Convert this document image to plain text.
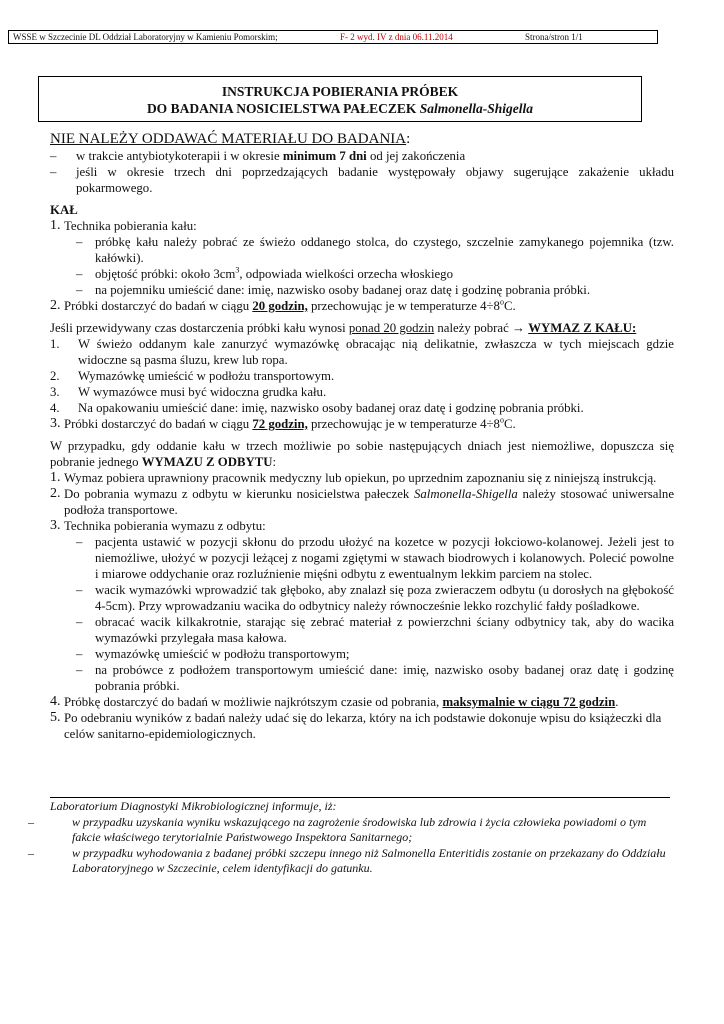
WSSE w Szczecinie DL Oddział Laboratoryjny w Kamieniu Pomorskim;	F- 2 wyd. IV z dnia 06.11.2014	Strona/stron 1/1
INSTRUKCJA POBIERANIA PRÓBEK
DO BADANIA NOSICIELSTWA PAŁECZEK Salmonella-Shigella

NIE NALEŻY ODDAWAĆ MATERIAŁU DO BADANIA:

– w trakcie antybiotykoterapii i w okresie minimum 7 dni od jej zakończenia
– jeśli w okresie trzech dni poprzedzających badanie występowały objawy sugerujące zakażenie układu pokarmowego.

KAŁ

1. Technika pobierania kału:
– próbkę kału należy pobrać ze świeżo oddanego stolca, do czystego, szczelnie zamykanego pojemnika (tzw. kałówki).
– objętość próbki: około $3cm^3$, odpowiada wielkości orzecha włoskiego
– na pojemniku umieścić dane: imię, nazwisko osoby badanej oraz datę i godzinę pobrania próbki.
2. Próbki dostarczyć do badań w ciągu 20 godzin, przechowując je w temperaturze $4\div 8^oC$.

Jeśli przewidywany czas dostarczenia próbki kału wynosi ponad 20 godzin należy pobrać → WYMAZ Z KAŁU:

1. W świeżo oddanym kale zanurzyć wymazówkę obracając nią delikatnie, zwłaszcza w tych miejscach gdzie widoczne są pasma śluzu, krew lub ropa.
2. Wymazówkę umieścić w podłożu transportowym.
3. W wymazówce musi być widoczna grudka kału.
4. Na opakowaniu umieścić dane: imię, nazwisko osoby badanej oraz datę i godzinę pobrania próbki.
3. Próbki dostarczyć do badań w ciągu 72 godzin, przechowując je w temperaturze $4\div 8^oC$.

W przypadku, gdy oddanie kału w trzech możliwie po sobie następujących dniach jest niemożliwe, dopuszcza się pobranie jednego WYMAZU Z ODBYTU:

1. Wymaz pobiera uprawniony pracownik medyczny lub opiekun, po uprzednim zapoznaniu się z niniejszą instrukcją.
2. Do pobrania wymazu z odbytu w kierunku nosicielstwa pałeczek Salmonella-Shigella należy stosować uniwersalne podłoża transportowe.
3. Technika pobierania wymazu z odbytu:
– pacjenta ustawić w pozycji skłonu do przodu ułożyć na kozetce w pozycji łokciowo-kolanowej. Jeżeli jest to niemożliwe, ułożyć w pozycji leżącej z nogami zgiętymi w stawach biodrowych i kolanowych. Polecić powolne i miarowe oddychanie oraz rozluźnienie mięśni odbytu z ewentualnym lekkim parciem na stolec.
– wacik wymazówki wprowadzić tak głęboko, aby znalazł się poza zwieraczem odbytu (u dorosłych na głębokość 4-5cm). Przy wprowadzaniu wacika do odbytnicy należy równocześnie lekko rozchylić fałdy pośladkowe.
– obracać wacik kilkakrotnie, starając się zebrać materiał z powierzchni ściany odbytnicy tak, aby do wacika wymazówki przylegała masa kałowa.
– wymazówkę umieścić w podłożu transportowym;
– na probówce z podłożem transportowym umieścić dane: imię, nazwisko osoby badanej oraz datę i godzinę pobrania próbki.
4. Próbkę dostarczyć do badań w możliwie najkrótszym czasie od pobrania, maksymalnie w ciągu 72 godzin.
5. Po odebraniu wyników z badań należy udać się do lekarza, który na ich podstawie dokonuje wpisu do książeczki dla celów sanitarno-epidemiologicznych.
Laboratorium Diagnostyki Mikrobiologicznej informuje, iż:
–	w przypadku uzyskania wyniku wskazującego na zagrożenie środowiska lub zdrowia i życia człowieka powiadomi o tym fakcie właściwego terytorialnie Państwowego Inspektora Sanitarnego;
–	w przypadku wyhodowania z badanej próbki szczepu innego niż Salmonella Enteritidis zostanie on przekazany do Oddziału Laboratoryjnego w Szczecinie, celem identyfikacji do gatunku.
